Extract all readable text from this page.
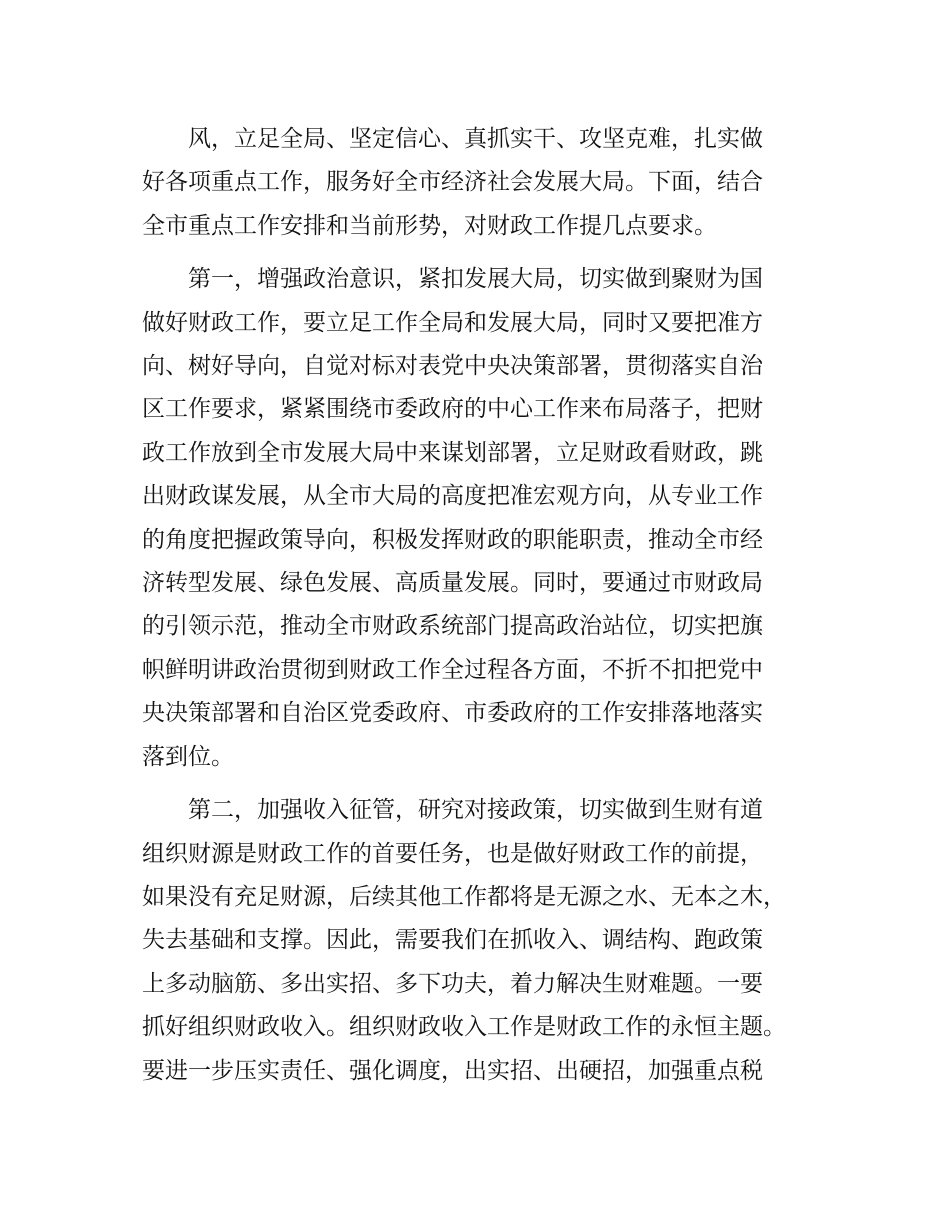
风，立足全局、坚定信心、真抓实干、攻坚克难，扎实做
好各项重点工作，服务好全市经济社会发展大局。下面，结合
全市重点工作安排和当前形势，对财政工作提几点要求。

第一，增强政治意识，紧扣发展大局，切实做到聚财为国
做好财政工作，要立足工作全局和发展大局，同时又要把准方
向、树好导向，自觉对标对表党中央决策部署，贯彻落实自治
区工作要求，紧紧围绕市委政府的中心工作来布局落子，把财
政工作放到全市发展大局中来谋划部署，立足财政看财政，跳
出财政谋发展，从全市大局的高度把准宏观方向，从专业工作
的角度把握政策导向，积极发挥财政的职能职责，推动全市经
济转型发展、绿色发展、高质量发展。同时，要通过市财政局
的引领示范，推动全市财政系统部门提高政治站位，切实把旗
帜鲜明讲政治贯彻到财政工作全过程各方面，不折不扣把党中
央决策部署和自治区党委政府、市委政府的工作安排落地落实
落到位。

第二，加强收入征管，研究对接政策，切实做到生财有道
组织财源是财政工作的首要任务，也是做好财政工作的前提，
如果没有充足财源，后续其他工作都将是无源之水、无本之木，
失去基础和支撑。因此，需要我们在抓收入、调结构、跑政策
上多动脑筋、多出实招、多下功夫，着力解决生财难题。一要
抓好组织财政收入。组织财政收入工作是财政工作的永恒主题。
要进一步压实责任、强化调度，出实招、出硬招，加强重点税
